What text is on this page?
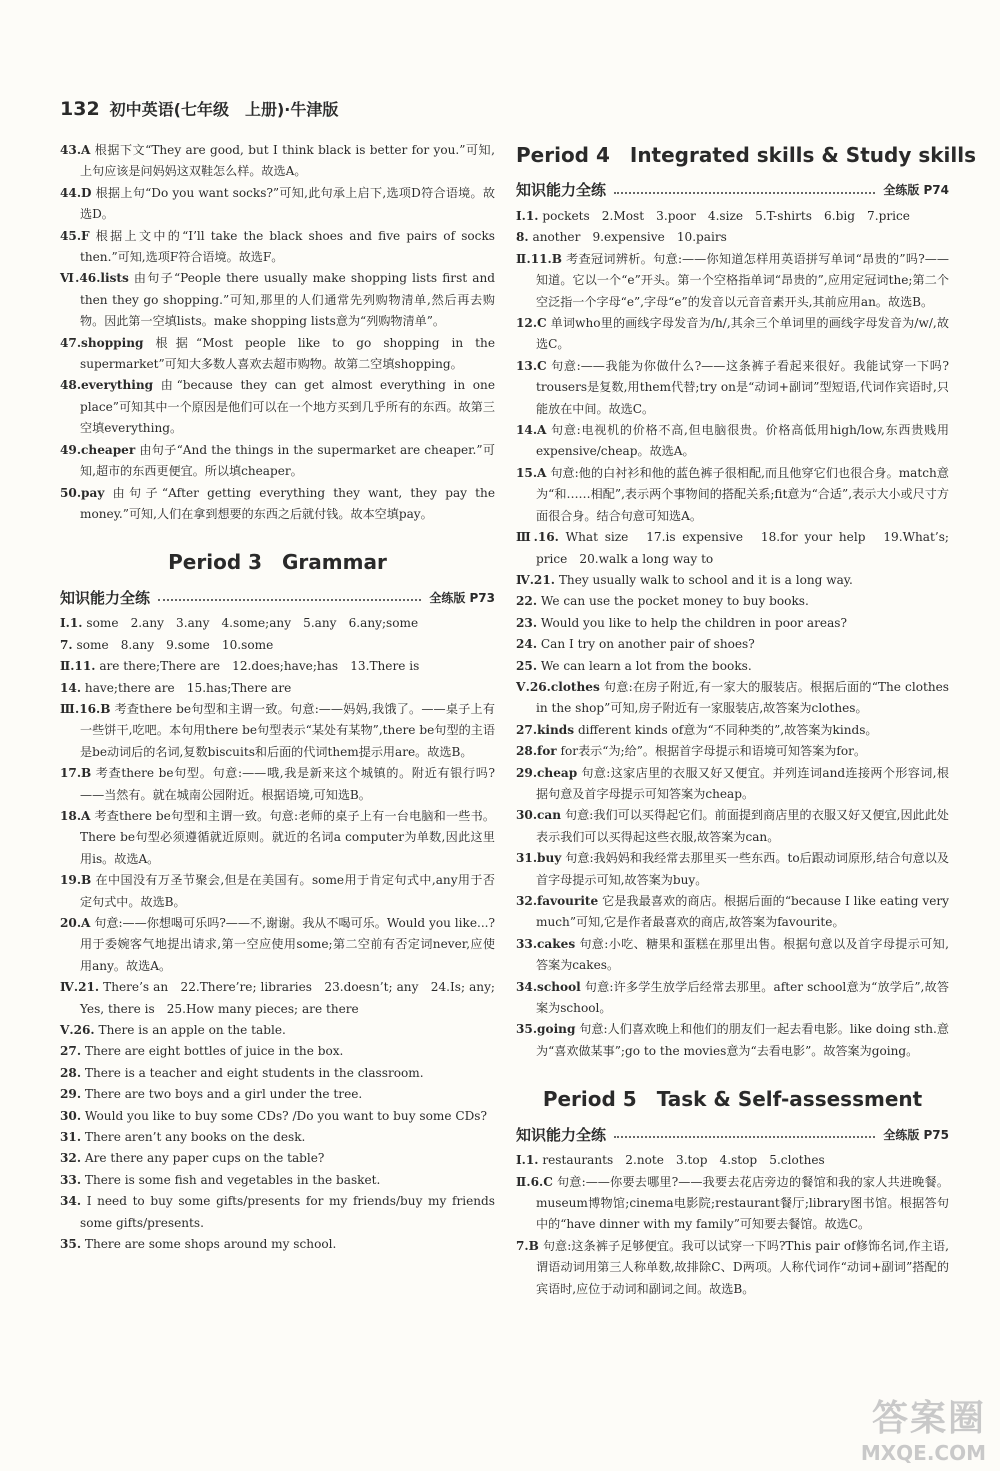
132 初中英语(七年级　上册)·牛津版

43.A 根据下文“They are good, but I think black is better for you.”可知,上句应该是问妈妈这双鞋怎么样。故选A。

44.D 根据上句“Do you want socks?”可知,此句承上启下,选项D符合语境。故选D。

45.F 根据上文中的“I’ll take the black shoes and five pairs of socks then.”可知,选项F符合语境。故选F。

Ⅵ.46.lists 由句子“People there usually make shopping lists first and then they go shopping.”可知,那里的人们通常先列购物清单,然后再去购物。因此第一空填lists。make shopping lists意为“列购物清单”。

47.shopping 根据“Most people like to go shopping in the supermarket”可知大多数人喜欢去超市购物。故第二空填shopping。

48.everything 由“because they can get almost everything in one place”可知其中一个原因是他们可以在一个地方买到几乎所有的东西。故第三空填everything。

49.cheaper 由句子“And the things in the supermarket are cheaper.”可知,超市的东西更便宜。所以填cheaper。

50.pay 由句子“After getting everything they want, they pay the money.”可知,人们在拿到想要的东西之后就付钱。故本空填pay。

Period 3　Grammar
知识能力全练	全练版 P73

Ⅰ.1. some　2.any　3.any　4.some;any　5.any　6.any;some

7. some　8.any　9.some　10.some

Ⅱ.11. are there;There are　12.does;have;has　13.There is

14. have;there are　15.has;There are

Ⅲ.16.B 考查there be句型和主谓一致。句意:——妈妈,我饿了。——桌子上有一些饼干,吃吧。本句用there be句型表示“某处有某物”,there be句型的主语是be动词后的名词,复数biscuits和后面的代词them提示用are。故选B。

17.B 考查there be句型。句意:——哦,我是新来这个城镇的。附近有银行吗?——当然有。就在城南公园附近。根据语境,可知选B。

18.A 考查there be句型和主谓一致。句意:老师的桌子上有一台电脑和一些书。There be句型必须遵循就近原则。就近的名词a computer为单数,因此这里用is。故选A。

19.B 在中国没有万圣节聚会,但是在美国有。some用于肯定句式中,any用于否定句式中。故选B。

20.A 句意:——你想喝可乐吗?——不,谢谢。我从不喝可乐。Would you like...?用于委婉客气地提出请求,第一空应使用some;第二空前有否定词never,应使用any。故选A。

Ⅳ.21. There’s an　22.There’re; libraries　23.doesn’t; any　24.Is; any; Yes, there is　25.How many pieces; are there

Ⅴ.26. There is an apple on the table.

27. There are eight bottles of juice in the box.

28. There is a teacher and eight students in the classroom.

29. There are two boys and a girl under the tree.

30. Would you like to buy some CDs? /Do you want to buy some CDs?

31. There aren’t any books on the desk.

32. Are there any paper cups on the table?

33. There is some fish and vegetables in the basket.

34. I need to buy some gifts/presents for my friends/buy my friends some gifts/presents.

35. There are some shops around my school.

Period 4　Integrated skills & Study skills
知识能力全练	全练版 P74

Ⅰ.1. pockets　2.Most　3.poor　4.size　5.T-shirts　6.big　7.price

8. another　9.expensive　10.pairs

Ⅱ.11.B 考查冠词辨析。句意:——你知道怎样用英语拼写单词“昂贵的”吗?——知道。它以一个“e”开头。第一个空格指单词“昂贵的”,应用定冠词the;第二个空泛指一个字母“e”,字母“e”的发音以元音音素开头,其前应用an。故选B。

12.C 单词who里的画线字母发音为/h/,其余三个单词里的画线字母发音为/w/,故选C。

13.C 句意:——我能为你做什么?——这条裤子看起来很好。我能试穿一下吗?trousers是复数,用them代替;try on是“动词+副词”型短语,代词作宾语时,只能放在中间。故选C。

14.A 句意:电视机的价格不高,但电脑很贵。价格高低用high/low,东西贵贱用expensive/cheap。故选A。

15.A 句意:他的白衬衫和他的蓝色裤子很相配,而且他穿它们也很合身。match意为“和……相配”,表示两个事物间的搭配关系;fit意为“合适”,表示大小或尺寸方面很合身。结合句意可知选A。

Ⅲ.16. What size　17.is expensive　18.for your help　19.What’s; price　20.walk a long way to

Ⅳ.21. They usually walk to school and it is a long way.

22. We can use the pocket money to buy books.

23. Would you like to help the children in poor areas?

24. Can I try on another pair of shoes?

25. We can learn a lot from the books.

Ⅴ.26.clothes 句意:在房子附近,有一家大的服装店。根据后面的“The clothes in the shop”可知,房子附近有一家服装店,故答案为clothes。

27.kinds different kinds of意为“不同种类的”,故答案为kinds。

28.for for表示“为;给”。根据首字母提示和语境可知答案为for。

29.cheap 句意:这家店里的衣服又好又便宜。并列连词and连接两个形容词,根据句意及首字母提示可知答案为cheap。

30.can 句意:我们可以买得起它们。前面提到商店里的衣服又好又便宜,因此此处表示我们可以买得起这些衣服,故答案为can。

31.buy 句意:我妈妈和我经常去那里买一些东西。to后跟动词原形,结合句意以及首字母提示可知,故答案为buy。

32.favourite 它是我最喜欢的商店。根据后面的“because I like eating very much”可知,它是作者最喜欢的商店,故答案为favourite。

33.cakes 句意:小吃、糖果和蛋糕在那里出售。根据句意以及首字母提示可知,答案为cakes。

34.school 句意:许多学生放学后经常去那里。after school意为“放学后”,故答案为school。

35.going 句意:人们喜欢晚上和他们的朋友们一起去看电影。like doing sth.意为“喜欢做某事”;go to the movies意为“去看电影”。故答案为going。

Period 5　Task & Self-assessment
知识能力全练	全练版 P75

Ⅰ.1. restaurants　2.note　3.top　4.stop　5.clothes

Ⅱ.6.C 句意:——你要去哪里?——我要去花店旁边的餐馆和我的家人共进晚餐。museum博物馆;cinema电影院;restaurant餐厅;library图书馆。根据答句中的“have dinner with my family”可知要去餐馆。故选C。

7.B 句意:这条裤子足够便宜。我可以试穿一下吗?This pair of修饰名词,作主语,谓语动词用第三人称单数,故排除C、D两项。人称代词作“动词+副词”搭配的宾语时,应位于动词和副词之间。故选B。

答案圈
MXQE.COM
